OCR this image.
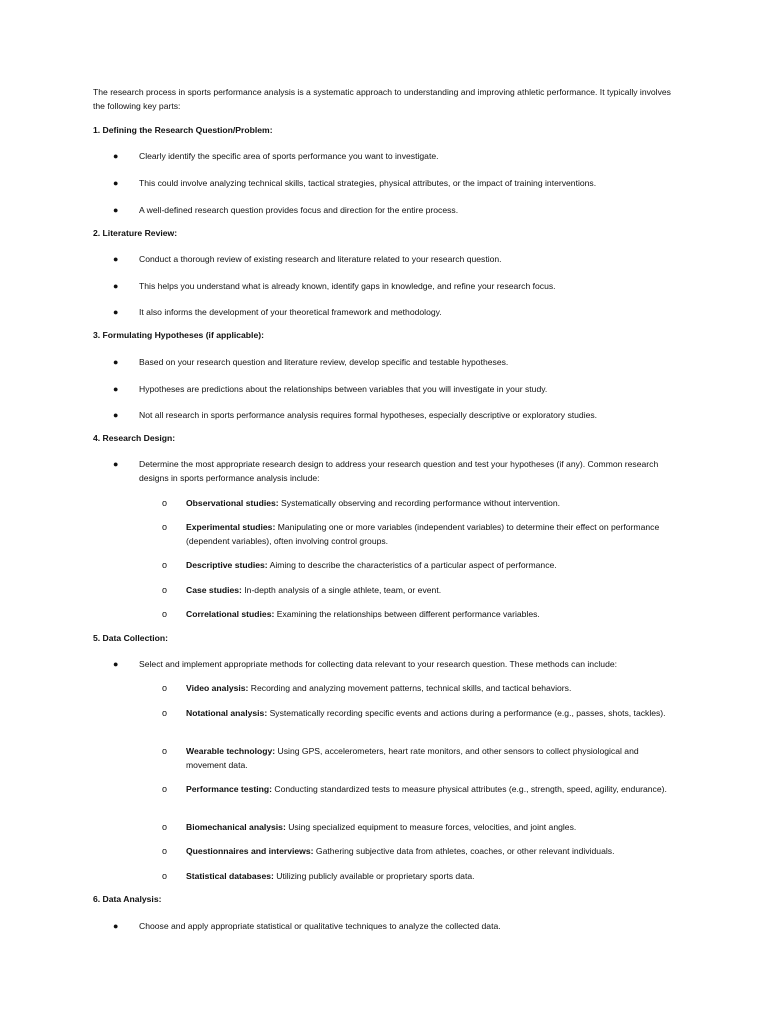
The research process in sports performance analysis is a systematic approach to understanding and improving athletic performance. It typically involves the following key parts:

1. Defining the Research Question/Problem:

●	Clearly identify the specific area of sports performance you want to investigate.
●	This could involve analyzing technical skills, tactical strategies, physical attributes, or the impact of training interventions.
●	A well-defined research question provides focus and direction for the entire process.

2. Literature Review:

●	Conduct a thorough review of existing research and literature related to your research question.
●	This helps you understand what is already known, identify gaps in knowledge, and refine your research focus.
●	It also informs the development of your theoretical framework and methodology.

3. Formulating Hypotheses (if applicable):

●	Based on your research question and literature review, develop specific and testable hypotheses.
●	Hypotheses are predictions about the relationships between variables that you will investigate in your study.
●	Not all research in sports performance analysis requires formal hypotheses, especially descriptive or exploratory studies.

4. Research Design:

●	Determine the most appropriate research design to address your research question and test your hypotheses (if any). Common research designs in sports performance analysis include:
o Observational studies: Systematically observing and recording performance without intervention.
o Experimental studies: Manipulating one or more variables (independent variables) to determine their effect on performance (dependent variables), often involving control groups.
o Descriptive studies: Aiming to describe the characteristics of a particular aspect of performance.
o Case studies: In-depth analysis of a single athlete, team, or event.
o Correlational studies: Examining the relationships between different performance variables.

5. Data Collection:

●	Select and implement appropriate methods for collecting data relevant to your research question. These methods can include:
o Video analysis: Recording and analyzing movement patterns, technical skills, and tactical behaviors.
o Notational analysis: Systematically recording specific events and actions during a performance (e.g., passes, shots, tackles).
o Wearable technology: Using GPS, accelerometers, heart rate monitors, and other sensors to collect physiological and movement data.
o Performance testing: Conducting standardized tests to measure physical attributes (e.g., strength, speed, agility, endurance).
o Biomechanical analysis: Using specialized equipment to measure forces, velocities, and joint angles.
o Questionnaires and interviews: Gathering subjective data from athletes, coaches, or other relevant individuals.
o Statistical databases: Utilizing publicly available or proprietary sports data.

6. Data Analysis:

●	Choose and apply appropriate statistical or qualitative techniques to analyze the collected data.
